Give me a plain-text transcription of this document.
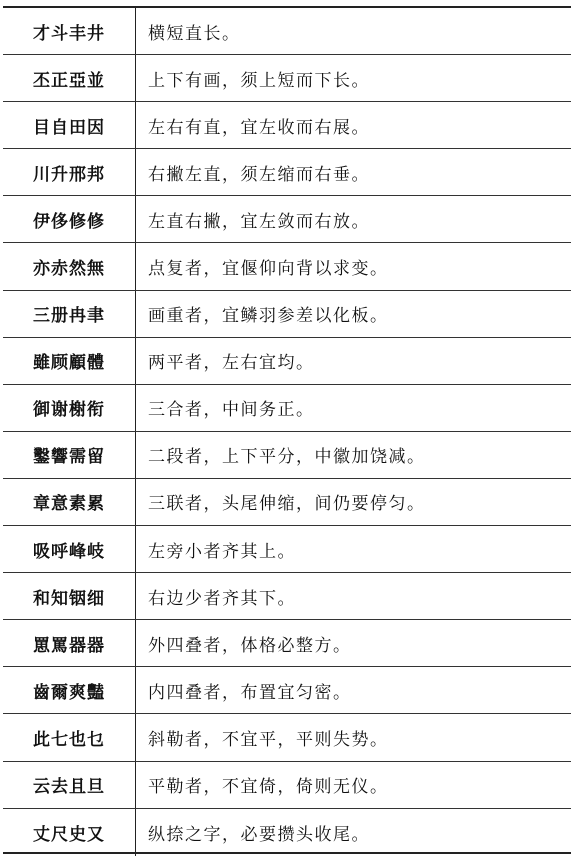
才斗丰井	横短直长。
丕正亞並	上下有画，须上短而下长。
目自田因	左右有直，宜左收而右展。
川升邢邦	右撇左直，须左缩而右垂。
伊侈修修	左直右撇，宜左敛而右放。
亦赤然無	点复者，宜偃仰向背以求变。
三册冉聿	画重者，宜鳞羽参差以化板。
雖顾顧體	两平者，左右宜均。
御谢榭衔	三合者，中间务正。
鑿響需留	二段者，上下平分，中徽加饶减。
章意素累	三联者，头尾伸缩，间仍要停匀。
吸呼峰岐	左旁小者齐其上。
和知铟细	右边少者齐其下。
罳罵器器	外四叠者，体格必整方。
齒爾爽豔	内四叠者，布置宜匀密。
此七也乜	斜勒者，不宜平，平则失势。
云去且旦	平勒者，不宜倚，倚则无仪。
丈尺史又	纵捺之字，必要攒头收尾。
